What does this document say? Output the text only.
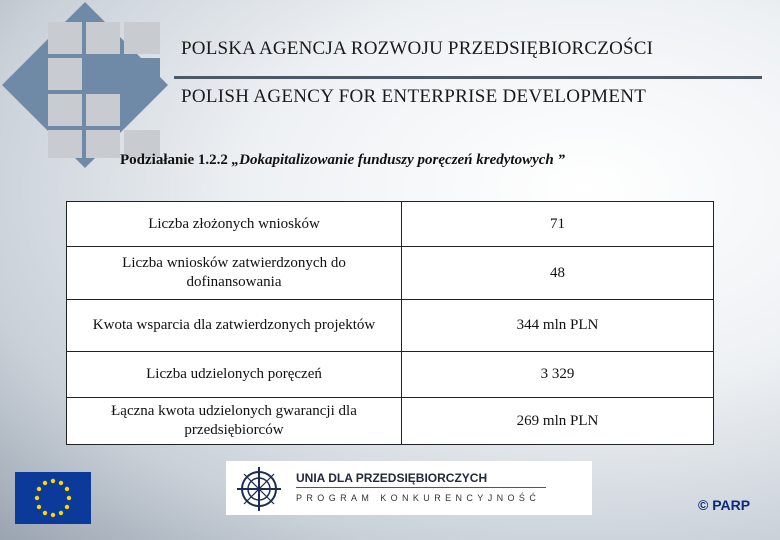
POLSKA AGENCJA ROZWOJU PRZEDSIĘBIORCZOŚCI
POLISH AGENCY FOR ENTERPRISE DEVELOPMENT
Podziałanie 1.2.2 „Dokapitalizowanie funduszy poręczeń kredytowych ”
Liczba złożonych wniosków	71
Liczba wniosków zatwierdzonych do dofinansowania	48
Kwota wsparcia dla zatwierdzonych projektów	344 mln PLN
Liczba udzielonych poręczeń	3 329
Łączna kwota udzielonych gwarancji dla przedsiębiorców	269 mln PLN
UNIA DLA PRZEDSIĘBIORCZYCH
PROGRAM KONKURENCYJNOŚĆ	© PARP
